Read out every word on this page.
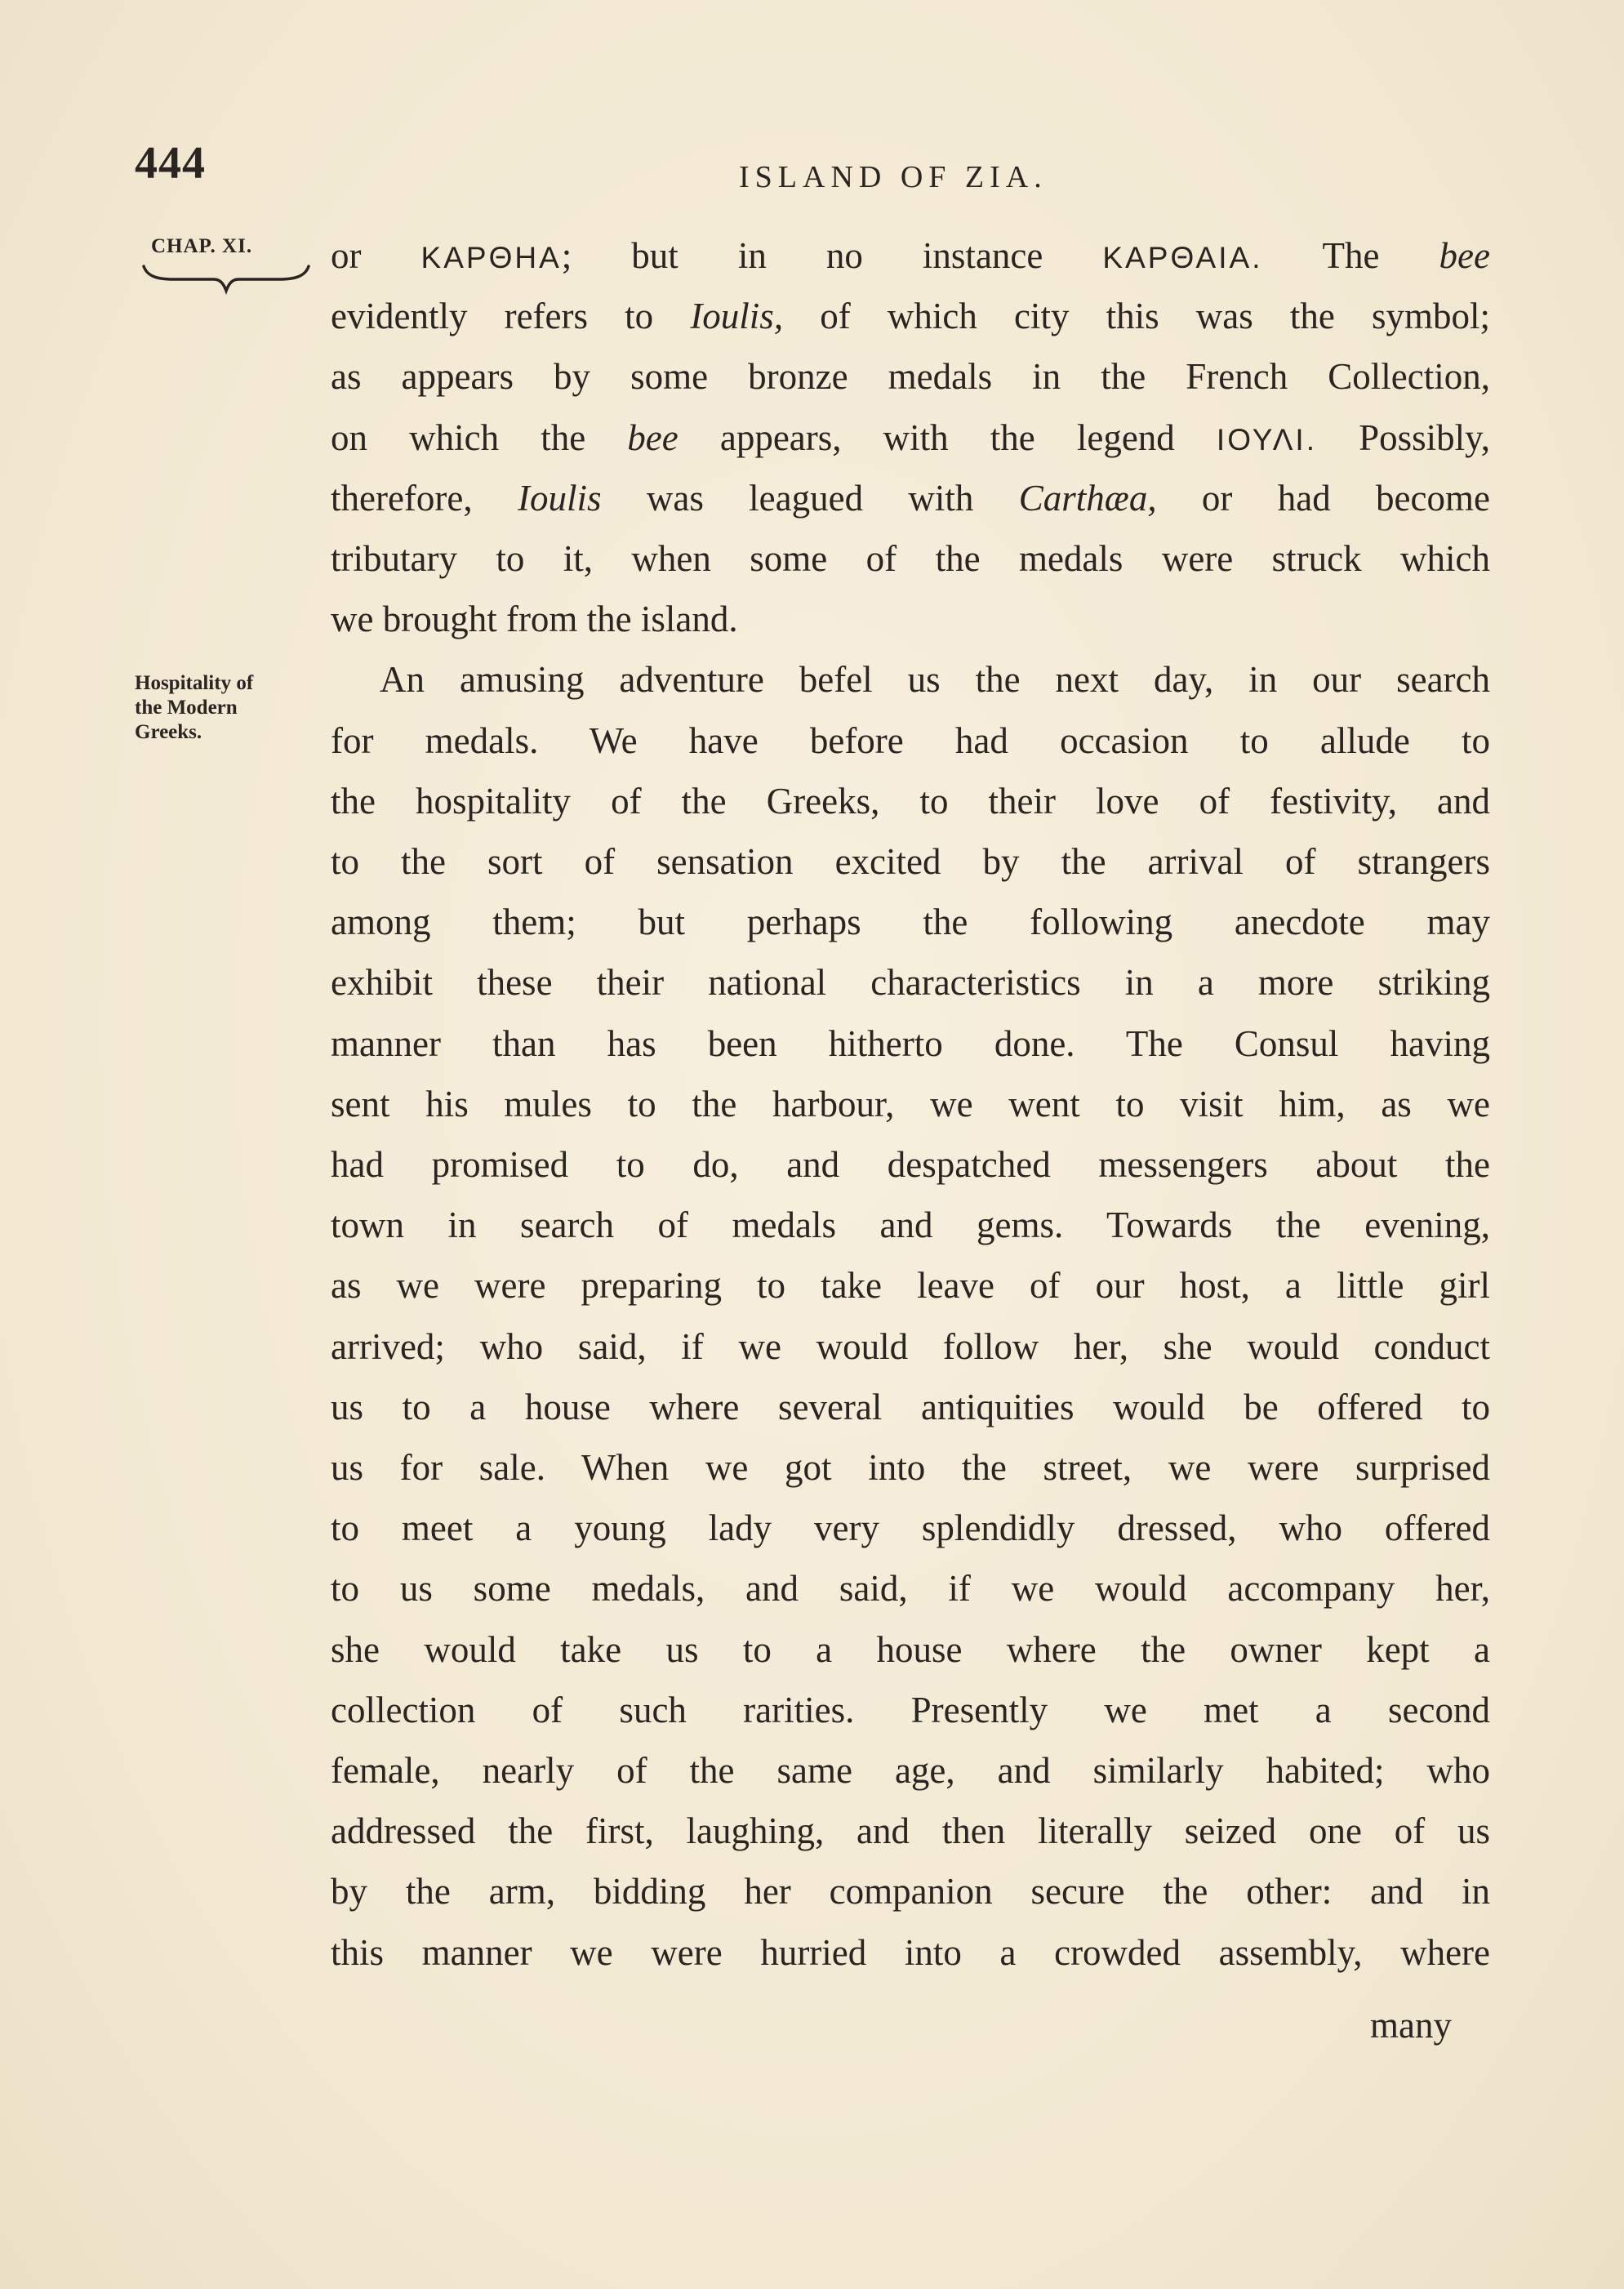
444	ISLAND OF ZIA.
CHAP. XI.
Hospitality of
the Modern
Greeks.
or ΚΑΡΘΗΑ; but in no instance ΚΑΡΘΑΙΑ. The bee
evidently refers to Ioulis, of which city this was the symbol;
as appears by some bronze medals in the French Collection,
on which the bee appears, with the legend ΙΟΥΛΙ. Possibly,
therefore, Ioulis was leagued with Carthæa, or had become
tributary to it, when some of the medals were struck which
we brought from the island.
An amusing adventure befel us the next day, in our search
for medals. We have before had occasion to allude to
the hospitality of the Greeks, to their love of festivity, and
to the sort of sensation excited by the arrival of strangers
among them; but perhaps the following anecdote may
exhibit these their national characteristics in a more striking
manner than has been hitherto done. The Consul having
sent his mules to the harbour, we went to visit him, as we
had promised to do, and despatched messengers about the
town in search of medals and gems. Towards the evening,
as we were preparing to take leave of our host, a little girl
arrived; who said, if we would follow her, she would conduct
us to a house where several antiquities would be offered to
us for sale. When we got into the street, we were surprised
to meet a young lady very splendidly dressed, who offered
to us some medals, and said, if we would accompany her,
she would take us to a house where the owner kept a
collection of such rarities. Presently we met a second
female, nearly of the same age, and similarly habited; who
addressed the first, laughing, and then literally seized one of us
by the arm, bidding her companion secure the other: and in
this manner we were hurried into a crowded assembly, where
many
